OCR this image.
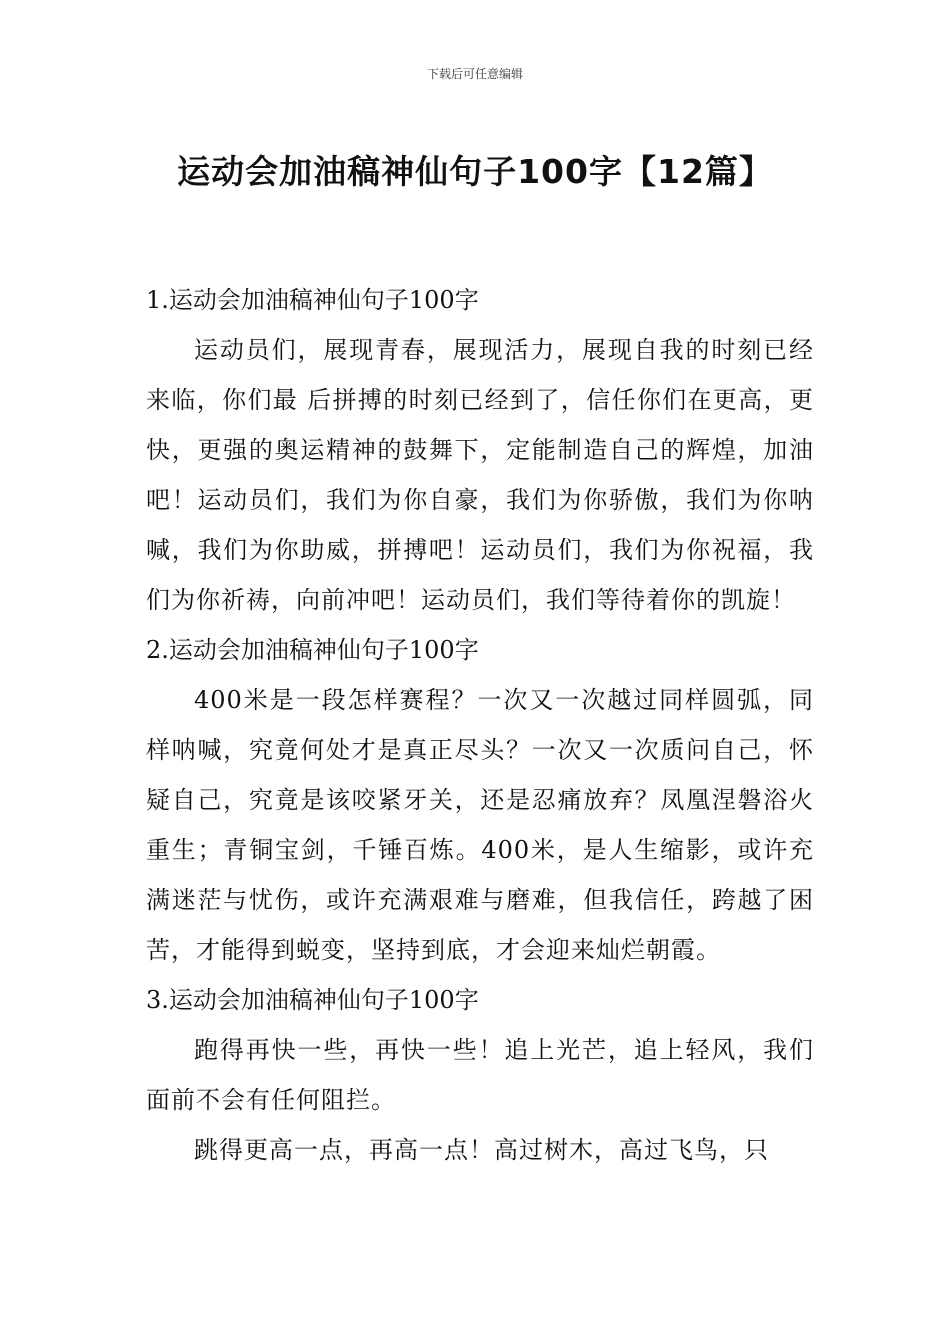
下载后可任意编辑
运动会加油稿神仙句子100字【12篇】
1.运动会加油稿神仙句子100字

运动员们，展现青春，展现活力，展现自我的时刻已经来临，你们最 后拼搏的时刻已经到了，信任你们在更高，更快，更强的奥运精神的鼓舞下，定能制造自己的辉煌，加油吧！运动员们，我们为你自豪，我们为你骄傲，我们为你呐喊，我们为你助威，拼搏吧！运动员们，我们为你祝福，我们为你祈祷，向前冲吧！运动员们，我们等待着你的凯旋！

2.运动会加油稿神仙句子100字

400米是一段怎样赛程？一次又一次越过同样圆弧，同样呐喊，究竟何处才是真正尽头？一次又一次质问自己，怀疑自己，究竟是该咬紧牙关，还是忍痛放弃？凤凰涅磐浴火重生；青铜宝剑，千锤百炼。400米，是人生缩影，或许充满迷茫与忧伤，或许充满艰难与磨难，但我信任，跨越了困苦，才能得到蜕变，坚持到底，才会迎来灿烂朝霞。

3.运动会加油稿神仙句子100字

跑得再快一些，再快一些！追上光芒，追上轻风，我们面前不会有任何阻拦。

跳得更高一点，再高一点！高过树木，高过飞鸟，只
